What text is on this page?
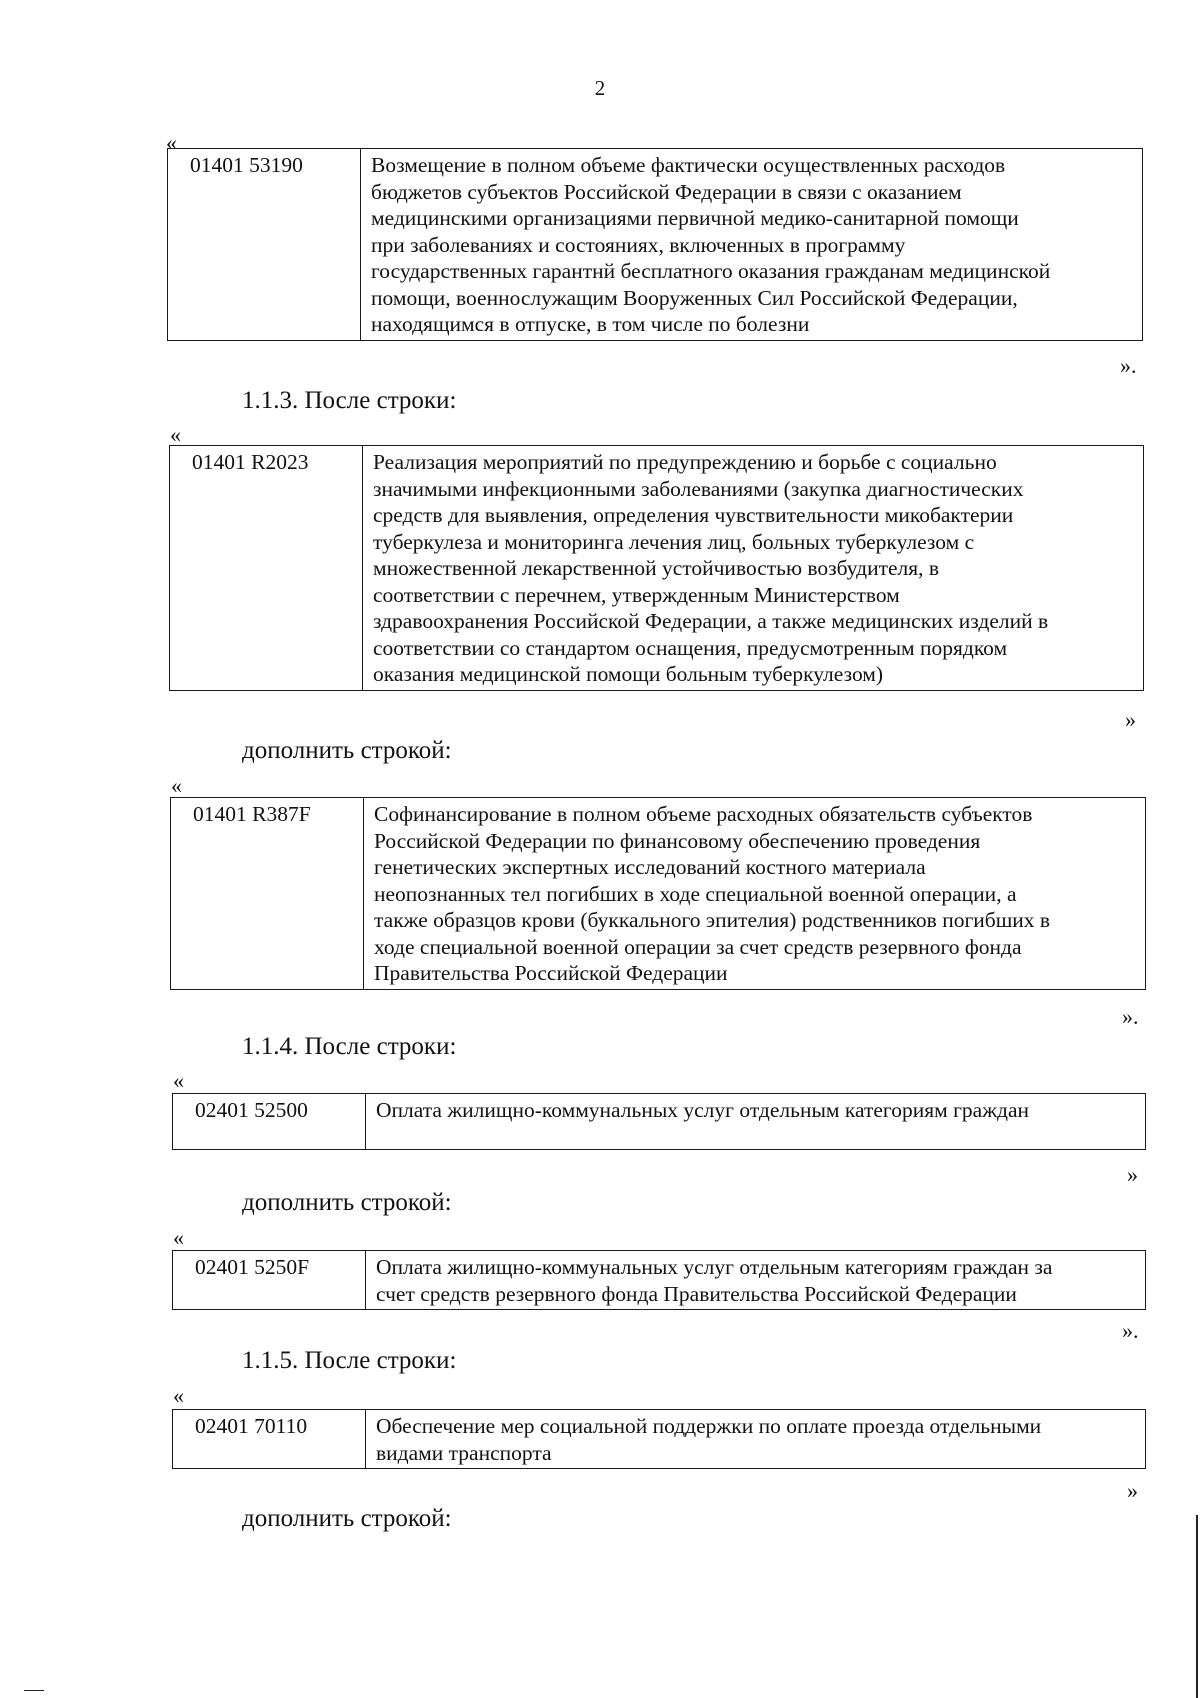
2
«
01401 53190	Возмещение в полном объеме фактически осуществленных расходов
бюджетов субъектов Российской Федерации в связи с оказанием
медицинскими организациями первичной медико-санитарной помощи
при заболеваниях и состояниях, включенных в программу
государственных гарантнй бесплатного оказания гражданам медицинской
помощи, военнослужащим Вооруженных Сил Российской Федерации,
находящимся в отпуске, в том числе по болезни
».
1.1.3. После строки:
«
01401 R2023	Реализация мероприятий по предупреждению и борьбе с социально
значимыми инфекционными заболеваниями (закупка диагностических
средств для выявления, определения чувствительности микобактерии
туберкулеза и мониторинга лечения лиц, больных туберкулезом с
множественной лекарственной устойчивостью возбудителя, в
соответствии с перечнем, утвержденным Министерством
здравоохранения Российской Федерации, а также медицинских изделий в
соответствии со стандартом оснащения, предусмотренным порядком
оказания медицинской помощи больным туберкулезом)
»
дополнить строкой:
«
01401 R387F	Софинансирование в полном объеме расходных обязательств субъектов
Российской Федерации по финансовому обеспечению проведения
генетических экспертных исследований костного материала
неопознанных тел погибших в ходе специальной военной операции, а
также образцов крови (буккального эпителия) родственников погибших в
ходе специальной военной операции за счет средств резервного фонда
Правительства Российской Федерации
».
1.1.4. После строки:
«
02401 52500	Оплата жилищно-коммунальных услуг отдельным категориям граждан
»
дополнить строкой:
«
02401 5250F	Оплата жилищно-коммунальных услуг отдельным категориям граждан за
счет средств резервного фонда Правительства Российской Федерации
».
1.1.5. После строки:
«
02401 70110	Обеспечение мер социальной поддержки по оплате проезда отдельными
видами транспорта
»
дополнить строкой:
